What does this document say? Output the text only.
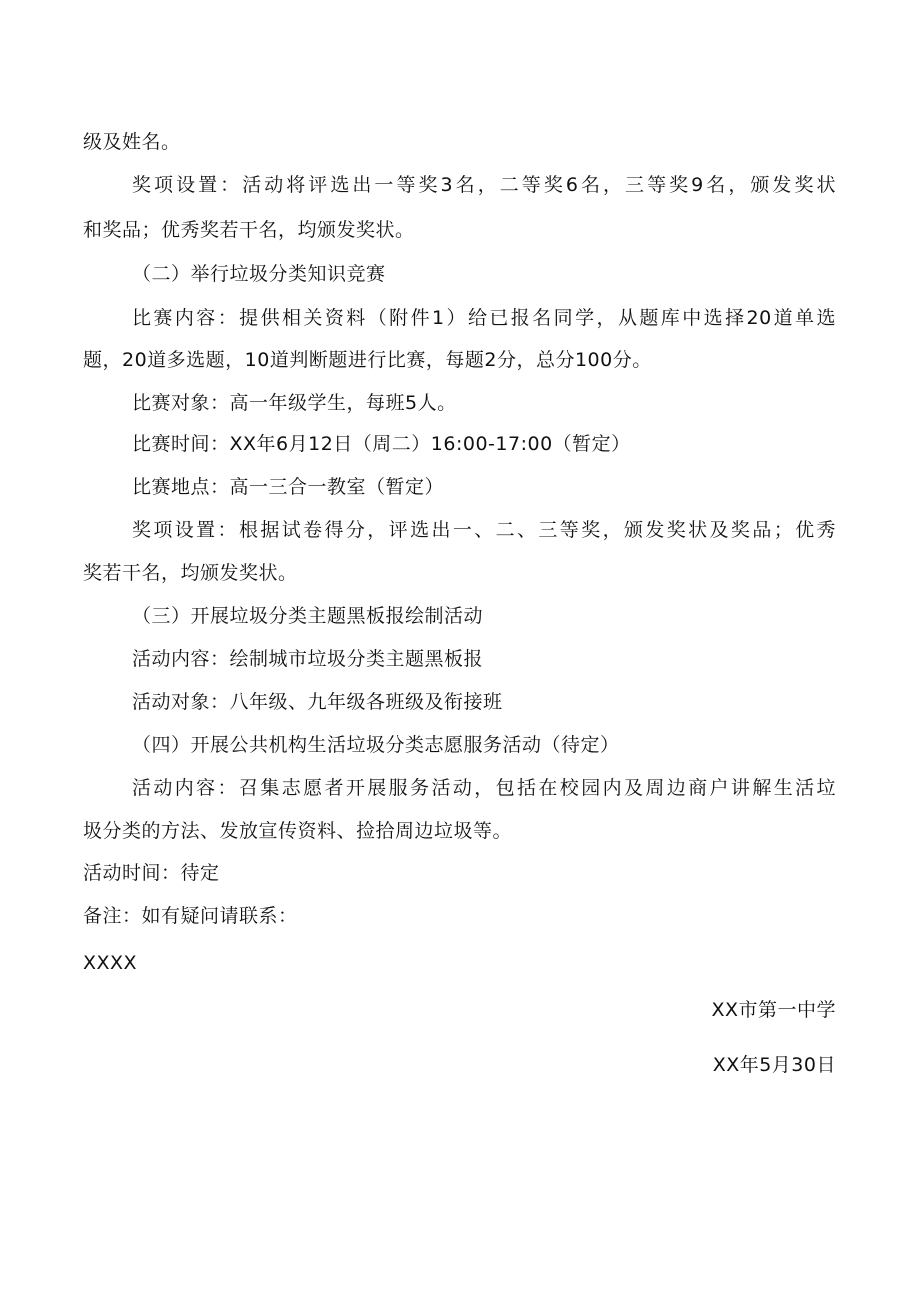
级及姓名。
奖项设置：活动将评选出一等奖3名，二等奖6名，三等奖9名，颁发奖状
和奖品；优秀奖若干名，均颁发奖状。
（二）举行垃圾分类知识竞赛
比赛内容：提供相关资料（附件1）给已报名同学，从题库中选择20道单选
题，20道多选题，10道判断题进行比赛，每题2分，总分100分。
比赛对象：高一年级学生，每班5人。
比赛时间：XX年6月12日（周二）16:00-17:00（暂定）
比赛地点：高一三合一教室（暂定）
奖项设置：根据试卷得分，评选出一、二、三等奖，颁发奖状及奖品；优秀
奖若干名，均颁发奖状。
（三）开展垃圾分类主题黑板报绘制活动
活动内容：绘制城市垃圾分类主题黑板报
活动对象：八年级、九年级各班级及衔接班
（四）开展公共机构生活垃圾分类志愿服务活动（待定）
活动内容：召集志愿者开展服务活动，包括在校园内及周边商户讲解生活垃
圾分类的方法、发放宣传资料、捡拾周边垃圾等。
活动时间：待定
备注：如有疑问请联系：
XXXX
XX市第一中学
XX年5月30日
